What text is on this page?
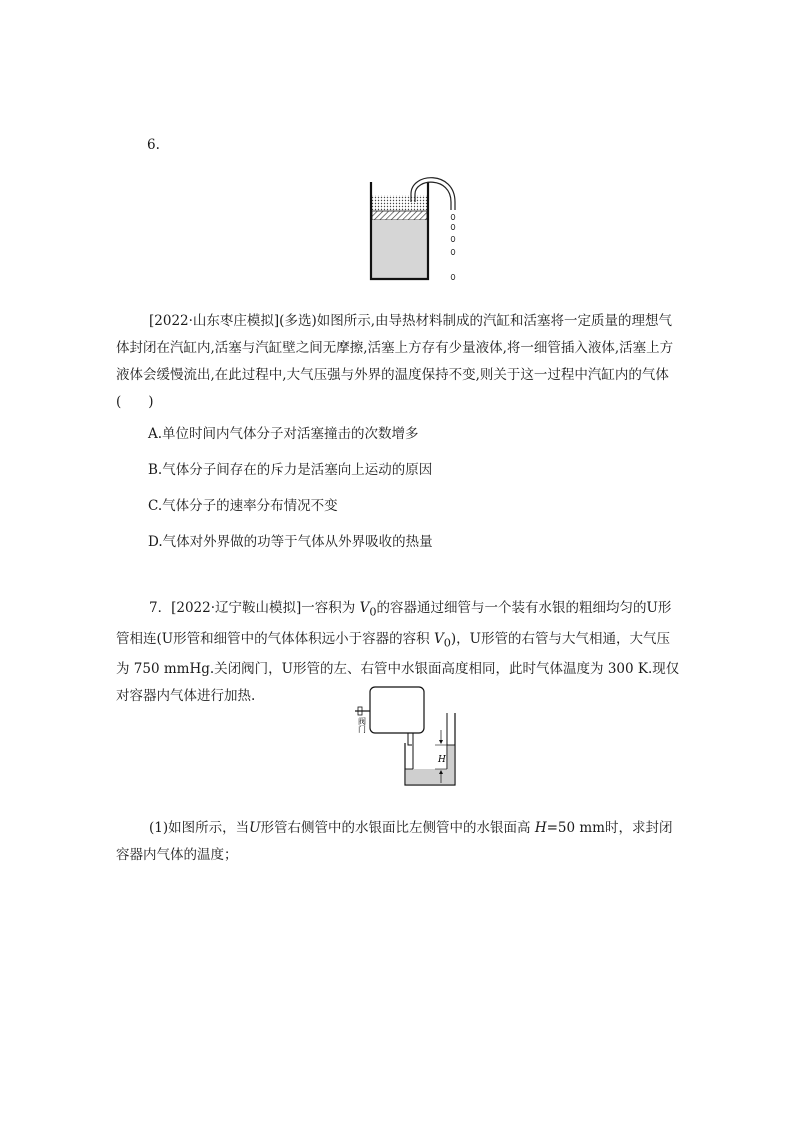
6.
[2022·山东枣庄模拟](多选)如图所示,由导热材料制成的汽缸和活塞将一定质量的理想气体封闭在汽缸内,活塞与汽缸壁之间无摩擦,活塞上方存有少量液体,将一细管插入液体,活塞上方液体会缓慢流出,在此过程中,大气压强与外界的温度保持不变,则关于这一过程中汽缸内的气体(　　)
A.单位时间内气体分子对活塞撞击的次数增多
B.气体分子间存在的斥力是活塞向上运动的原因
C.气体分子的速率分布情况不变
D.气体对外界做的功等于气体从外界吸收的热量
7．[2022·辽宁鞍山模拟]一容积为 $V_0$的容器通过细管与一个装有水银的粗细均匀的U形管相连(U形管和细管中的气体体积远小于容器的容积 $V_0$)，U形管的右管与大气相通，大气压为 750 mmHg.关闭阀门，U形管的左、右管中水银面高度相同，此时气体温度为 300 K.现仅对容器内气体进行加热.
阀门
H
(1)如图所示，当U形管右侧管中的水银面比左侧管中的水银面高 H=50 mm时，求封闭容器内气体的温度；
